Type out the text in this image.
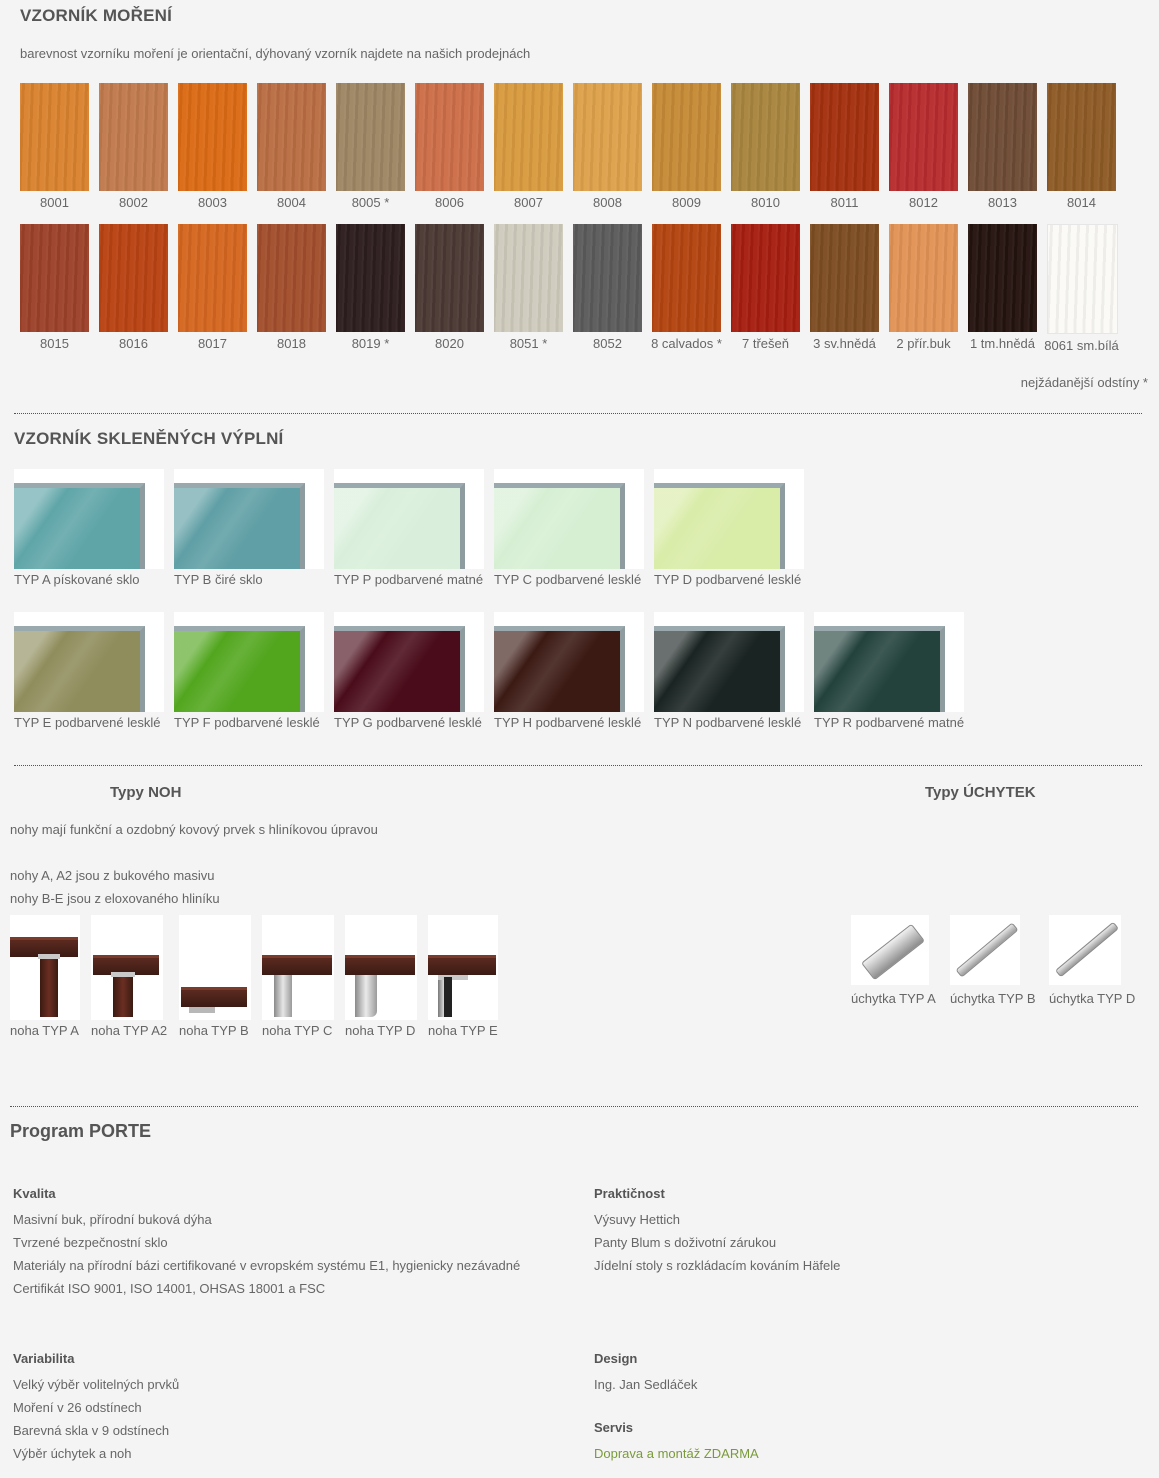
VZORNÍK MOŘENÍ
barevnost vzorníku moření je orientační, dýhovaný vzorník najdete na našich prodejnách
8001	8002	8003	8004	8005 *	8006	8007	8008	8009	8010	8011	8012	8013	8014
8015	8016	8017	8018	8019 *	8020	8051 *	8052	8 calvados *	7 třešeň	3 sv.hnědá	2 přír.buk	1 tm.hnědá 8061 sm.bílá
nejžádanější odstíny *
VZORNÍK SKLENĚNÝCH VÝPLNÍ
TYP A pískované sklo	TYP B čiré sklo	TYP P podbarvené matné TYP C podbarvené lesklé TYP D podbarvené lesklé
TYP E podbarvené lesklé TYP F podbarvené lesklé	TYP G podbarvené lesklé TYP H podbarvené lesklé TYP N podbarvené lesklé TYP R podbarvené matné
Typy NOH
nohy mají funkční a ozdobný kovový prvek s hliníkovou úpravou
nohy A, A2 jsou z bukového masivu
nohy B-E jsou z eloxovaného hliníku
noha TYP A noha TYP A2 noha TYP B noha TYP C noha TYP D noha TYP E
Typy ÚCHYTEK
úchytka TYP A úchytka TYP B úchytka TYP D
Program PORTE
Kvalita
Masivní buk, přírodní buková dýha
Tvrzené bezpečnostní sklo
Materiály na přírodní bázi certifikované v evropském systému E1, hygienicky nezávadné
Certifikát ISO 9001, ISO 14001, OHSAS 18001 a FSC
Praktičnost
Výsuvy Hettich
Panty Blum s doživotní zárukou
Jídelní stoly s rozkládacím kováním Häfele
Variabilita
Velký výběr volitelných prvků
Moření v 26 odstínech
Barevná skla v 9 odstínech
Výběr úchytek a noh
Design
Ing. Jan Sedláček
Servis
Doprava a montáž ZDARMA
